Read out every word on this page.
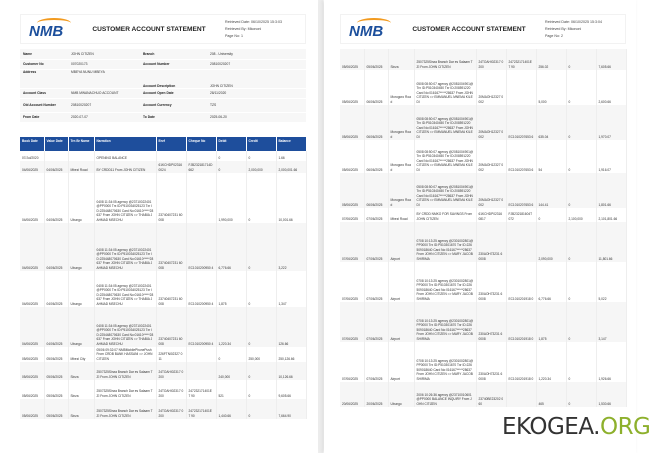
NMB	CUSTOMER ACCOUNT STATEMENT
Retrieved Date: 06/10/2025 15:3:03
Retrieved By: Mkononi
Page No: 1
Name	JOHN CITIZEN	Branch	208 - University
Customer No	007020173	Account Number	20810020207
Address	MBEYA NUNU MBEYA	Account Description	JOHN CITIZEN
Account Class	NMB MWANACHUO ACCOUNT	Account Open Date	28/11/2020
Old Account Number	20810020207	Account Currency	TZS
From Date	2020-07-07	To Date	2025-06-20
Book Date	Value Date	Trn Br Name	Narration	Enrf	Cheque No	Debit	Credit	Balance
07/Jul/2020			OPENING BALANCE			0	0	1.66
04/06/2025	04/06/2025	Mbezi Road	BY CRDD11 From JOHN CITIZEN	61KCHDP02316 0024	FJB232181714D 662	0	2,000,000	2,000,001.66
04/06/2025	04/06/2025	Ubungo	0408 11:34:05 agency @23710022401@PP0000 Trx ID:P510034025123 Txr ID:225448070630 Card No:01610*****28637 From JOHN CITIZEN => THABIA JAHMAD MSECHU	23740407231 60008		1,990,000	0	10,001.66
04/06/2025	04/06/2025	Ubungo	0408 11:34:05 agency @23710022401@PP0000 Trx ID:P510034025123 Txr ID:225448070630 Card No:01610*****28637 From JOHN CITIZEN => THABIA JAHMAD MSECHU	23740407231 60008	EC1010200950 4	6,776.66	0	3,222
04/06/2025	04/06/2025	Ubungo	0408 11:34:05 agency @23710022401@PP0000 Trx ID:P510034025123 Txr ID:225448070630 Card No:01610*****28637 From JOHN CITIZEN => THABIA JAHMAD MSECHU	23740407231 60008	EC1010200950 4	1,875	0	1,347
04/06/2025	04/06/2025	Ubungo	0408 11:34:05 agency @23710022401@PP0000 Trx ID:P510034025123 Txr ID:225448070630 Card No:01610*****28637 From JOHN CITIZEN => THABIA JAHMAD MSECHU	23740407231 60008	EC1010200950 4	1,220.34	0	126.66
05/06/2025	05/06/2025	Mbezi City	05/06 09:32:07 NMBMobilePhonePush From CRDB BANK HASSANI => JOHN CITIZEN	226FTNI02327 011		0	250,000	250,126.66
05/06/2025	05/06/2025	Sinza	2507325Sinza Branch Dar es Salaam TZI From JOHN CITIZEN	24TOAHI02317 0200		240,000	0	10,126.66
05/06/2025	05/06/2025	Sinza	2507325Sinza Branch Dar es Salaam TZI From JOHN CITIZEN	24TOAHI02317 0200	247232171401E7 90	521	0	9,605.66
05/06/2025	05/06/2025	Sinza	2507325Sinza Branch Dar es Salaam TZI From JOHN CITIZEN	24TOAHI02317 0200	247232171401E7 90	1,440.66	0	7,664.90
NMB	CUSTOMER ACCOUNT STATEMENT
Retrieved Date: 06/10/2025 15:3:04
Retrieved By: Mkononi
Page No: 2
05/06/2025	05/06/2025	Sinza	2507325Sinza Branch Dar es Salaam TZI From JOHN CITIZEN	24TOAHI02317 0200	247232171401E7 90	256.02	0	7,605.66
05/06/2025	06/06/2025	Morogoro Road	0508 08:50:07 agency @2081004901@Trx ID:P510340450 Txr ID:208591220 Card No:016167*****28637 From JOHN CITIZEN => EMMANUEL MNEMA KILEDI	20MAOH12327 0002		5,000	0	2,600.66
05/06/2025	06/06/2025	Morogoro Road	0508 08:50:07 agency @2081004901@Trx ID:P510340450 Txr ID:208591220 Card No:016167*****28637 From JOHN CITIZEN => EMMANUEL MNEMA KILEDI	20MAOH12327 0002	EC1010207653 6	635.04	0	1,970.07
05/06/2025	06/06/2025	Morogoro Road	0508 08:50:07 agency @2081004901@Trx ID:P510340450 Txr ID:208591220 Card No:016167*****28637 From JOHN CITIZEN => EMMANUEL MNEMA KILEDI	20MAOH12327 0002	EC1010207653 6	54	0	1,916.07
05/06/2025	06/06/2025	Morogoro Road	0508 08:50:07 agency @2081004901@Trx ID:P510340450 Txr ID:208591220 Card No:016167*****28637 From JOHN CITIZEN => EMMANUEL MNEMA KILEDI	20MAOH12327 0002	EC1010207653 6	144.41	0	1,801.66
07/06/2025	07/06/2025	Mbezi Road	BY CRDD NMKO FOR SAVINGS From JOHN CITIZEN	61KCHDP02316 0817	FJB232181604T 072	0	2,100,000	2,101,801.66
07/06/2025	07/06/2025	Airport	0708 10:13:25 agency @2301002801@PP0000 Trx ID:P510301670 Txr ID:226509018640 Card No:016167*****28637 From JOHN CITIZEN => MARY JACOB SHIRIMA	230AOH73231 60008		2,090,000	0	11,801.66
07/06/2025	07/06/2025	Airport	0708 10:13:25 agency @2301002801@PP0000 Trx ID:P510301670 Txr ID:226509018640 Card No:016167*****28637 From JOHN CITIZEN => MARY JACOB SHIRIMA	230AOH73231 60008	EC1010201918 0	6,776.66	0	5,022
07/06/2025	07/06/2025	Airport	0708 10:13:25 agency @2301002801@PP0000 Trx ID:P510301670 Txr ID:226509018640 Card No:016167*****28637 From JOHN CITIZEN => MARY JACOB SHIRIMA	230AOH73231 60008	EC1010201918 0	1,875	0	3,147
07/06/2025	07/06/2025	Airport	0708 10:13:25 agency @2301002801@PP0000 Trx ID:P510301670 Txr ID:226509018640 Card No:016167*****28637 From JOHN CITIZEN => MARY JACOB SHIRIMA	230AOH73231 60008	EC1010201918 0	1,220.34	0	1,926.66
20/06/2025	20/06/2025	Ubungo	2006 10:26:36 agency @23710010601@PP0000 BALANCE INQUIRY From JOHN CITIZEN	23740BE23202 060		465	0	1,530.66
EKOGEA.ORG
